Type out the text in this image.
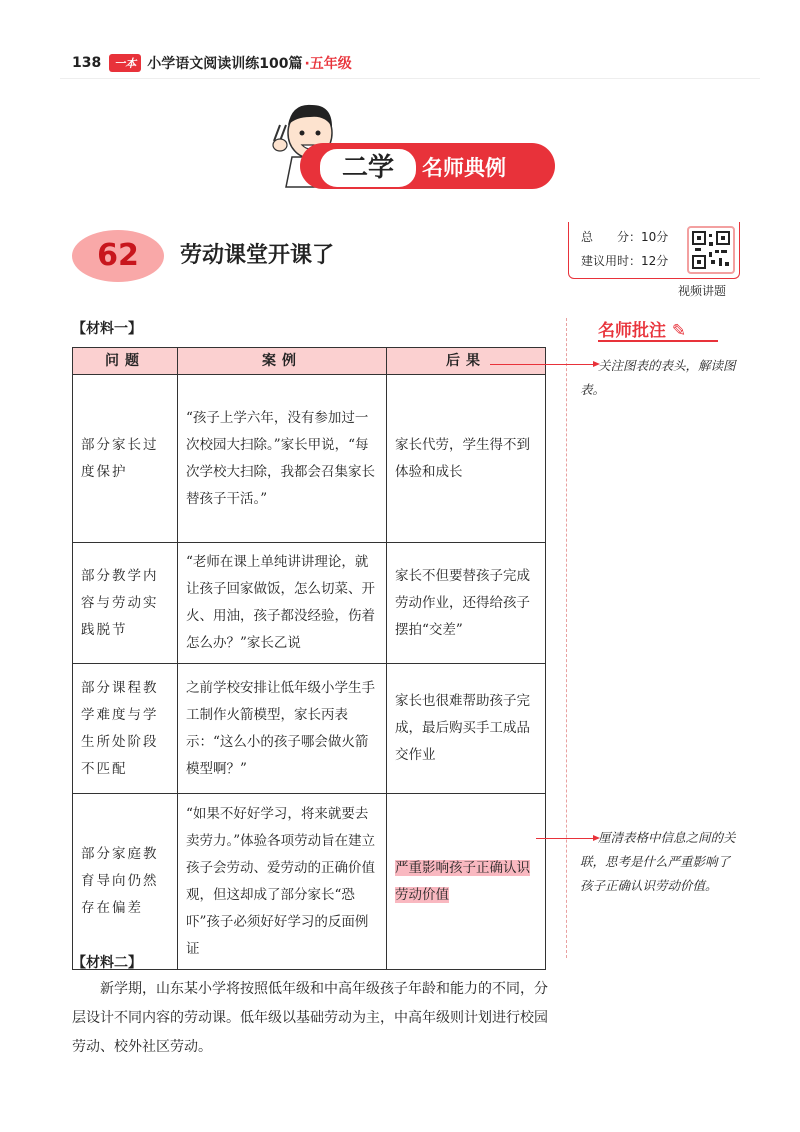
138	一本 小学语文阅读训练100篇 ·五年级
二学	名师典例
62	劳动课堂开课了
总　　分：10分
建议用时：12分
视频讲题
【材料一】
问题	案例	后果
部分家长过度保护	“孩子上学六年，没有参加过一次校园大扫除。”家长甲说，“每次学校大扫除，我都会召集家长替孩子干活。”	家长代劳，学生得不到体验和成长
部分教学内容与劳动实践脱节	“老师在课上单纯讲讲理论，就让孩子回家做饭，怎么切菜、开火、用油，孩子都没经验，伤着怎么办？”家长乙说	家长不但要替孩子完成劳动作业，还得给孩子摆拍“交差”
部分课程教学难度与学生所处阶段不匹配	之前学校安排让低年级小学生手工制作火箭模型，家长丙表示：“这么小的孩子哪会做火箭模型啊？”	家长也很难帮助孩子完成，最后购买手工成品交作业
部分家庭教育导向仍然存在偏差	“如果不好好学习，将来就要去卖劳力。”体验各项劳动旨在建立孩子会劳动、爱劳动的正确价值观，但这却成了部分家长“恐吓”孩子必须好好学习的反面例证	严重影响孩子正确认识劳动价值
名师批注 ✎
关注图表的表头，解读图表。
厘清表格中信息之间的关联，思考是什么严重影响了孩子正确认识劳动价值。
【材料二】
新学期，山东某小学将按照低年级和中高年级孩子年龄和能力的不同，分层设计不同内容的劳动课。低年级以基础劳动为主，中高年级则计划进行校园劳动、校外社区劳动。
